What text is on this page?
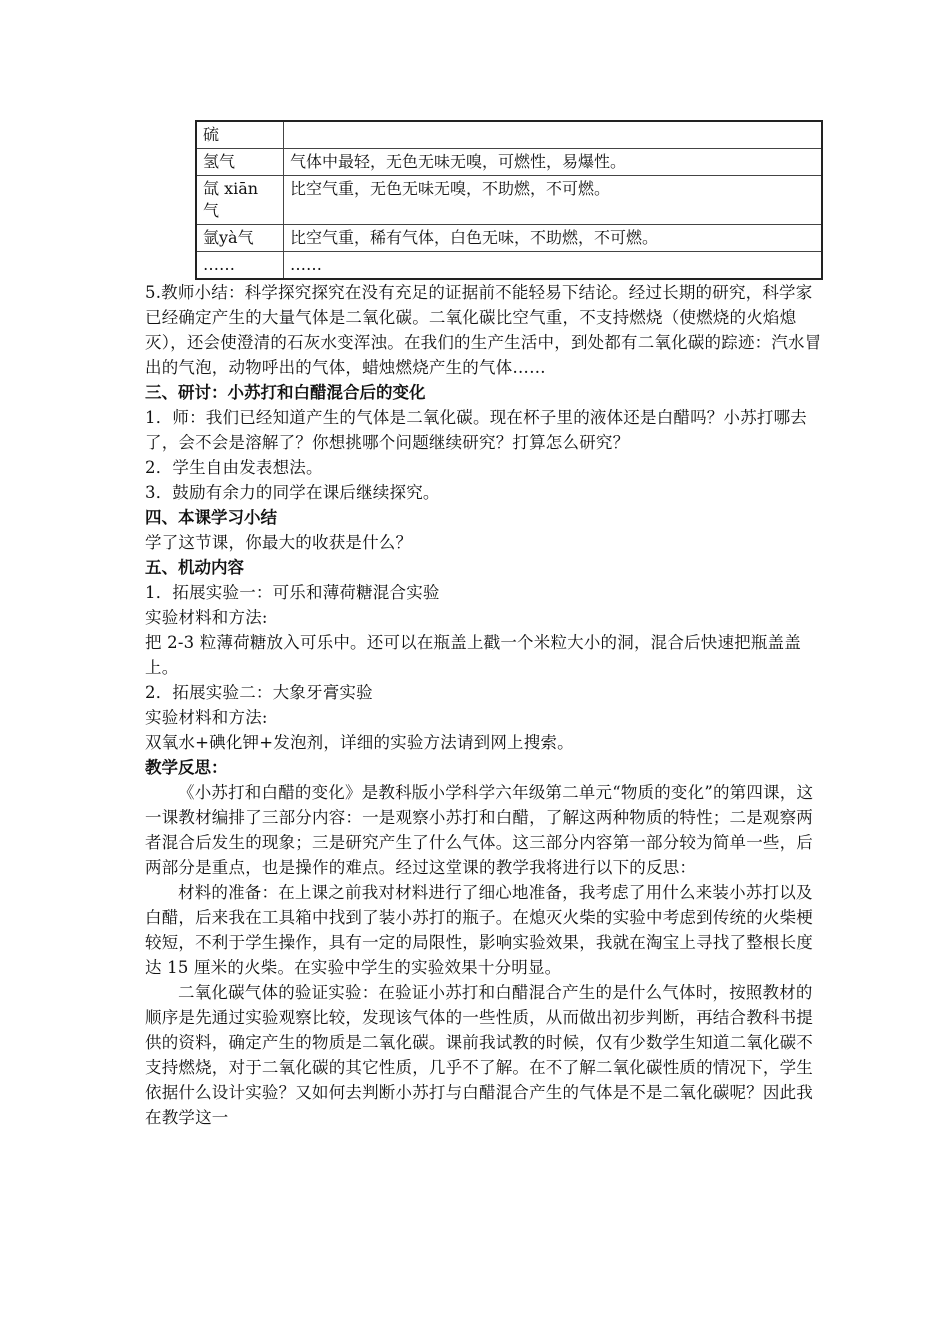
硫	
氢气	气体中最轻，无色无味无嗅，可燃性，易爆性。
氙 xiān 气	比空气重，无色无味无嗅，不助燃，不可燃。
氩yà气	比空气重，稀有气体，白色无味，不助燃，不可燃。
……	……

5.教师小结：科学探究探究在没有充足的证据前不能轻易下结论。经过长期的研究，科学家已经确定产生的大量气体是二氧化碳。二氧化碳比空气重，不支持燃烧（使燃烧的火焰熄灭），还会使澄清的石灰水变浑浊。在我们的生产生活中，到处都有二氧化碳的踪迹：汽水冒出的气泡，动物呼出的气体，蜡烛燃烧产生的气体……

三、研讨：小苏打和白醋混合后的变化

1．师：我们已经知道产生的气体是二氧化碳。现在杯子里的液体还是白醋吗？小苏打哪去了，会不会是溶解了？你想挑哪个问题继续研究？打算怎么研究？

2．学生自由发表想法。

3．鼓励有余力的同学在课后继续探究。

四、本课学习小结

学了这节课，你最大的收获是什么？

五、机动内容

1．拓展实验一：可乐和薄荷糖混合实验

实验材料和方法:

把 2-3 粒薄荷糖放入可乐中。还可以在瓶盖上戳一个米粒大小的洞，混合后快速把瓶盖盖上。

2．拓展实验二：大象牙膏实验

实验材料和方法:

双氧水+碘化钾+发泡剂，详细的实验方法请到网上搜索。

教学反思：

《小苏打和白醋的变化》是教科版小学科学六年级第二单元“物质的变化”的第四课，这一课教材编排了三部分内容：一是观察小苏打和白醋，了解这两种物质的特性；二是观察两者混合后发生的现象；三是研究产生了什么气体。这三部分内容第一部分较为简单一些，后两部分是重点，也是操作的难点。经过这堂课的教学我将进行以下的反思：

材料的准备：在上课之前我对材料进行了细心地准备，我考虑了用什么来装小苏打以及白醋，后来我在工具箱中找到了装小苏打的瓶子。在熄灭火柴的实验中考虑到传统的火柴梗较短，不利于学生操作，具有一定的局限性，影响实验效果，我就在淘宝上寻找了整根长度达 15 厘米的火柴。在实验中学生的实验效果十分明显。

二氧化碳气体的验证实验：在验证小苏打和白醋混合产生的是什么气体时，按照教材的顺序是先通过实验观察比较，发现该气体的一些性质，从而做出初步判断，再结合教科书提供的资料，确定产生的物质是二氧化碳。课前我试教的时候，仅有少数学生知道二氧化碳不支持燃烧，对于二氧化碳的其它性质，几乎不了解。在不了解二氧化碳性质的情况下，学生依据什么设计实验？又如何去判断小苏打与白醋混合产生的气体是不是二氧化碳呢？因此我在教学这一
